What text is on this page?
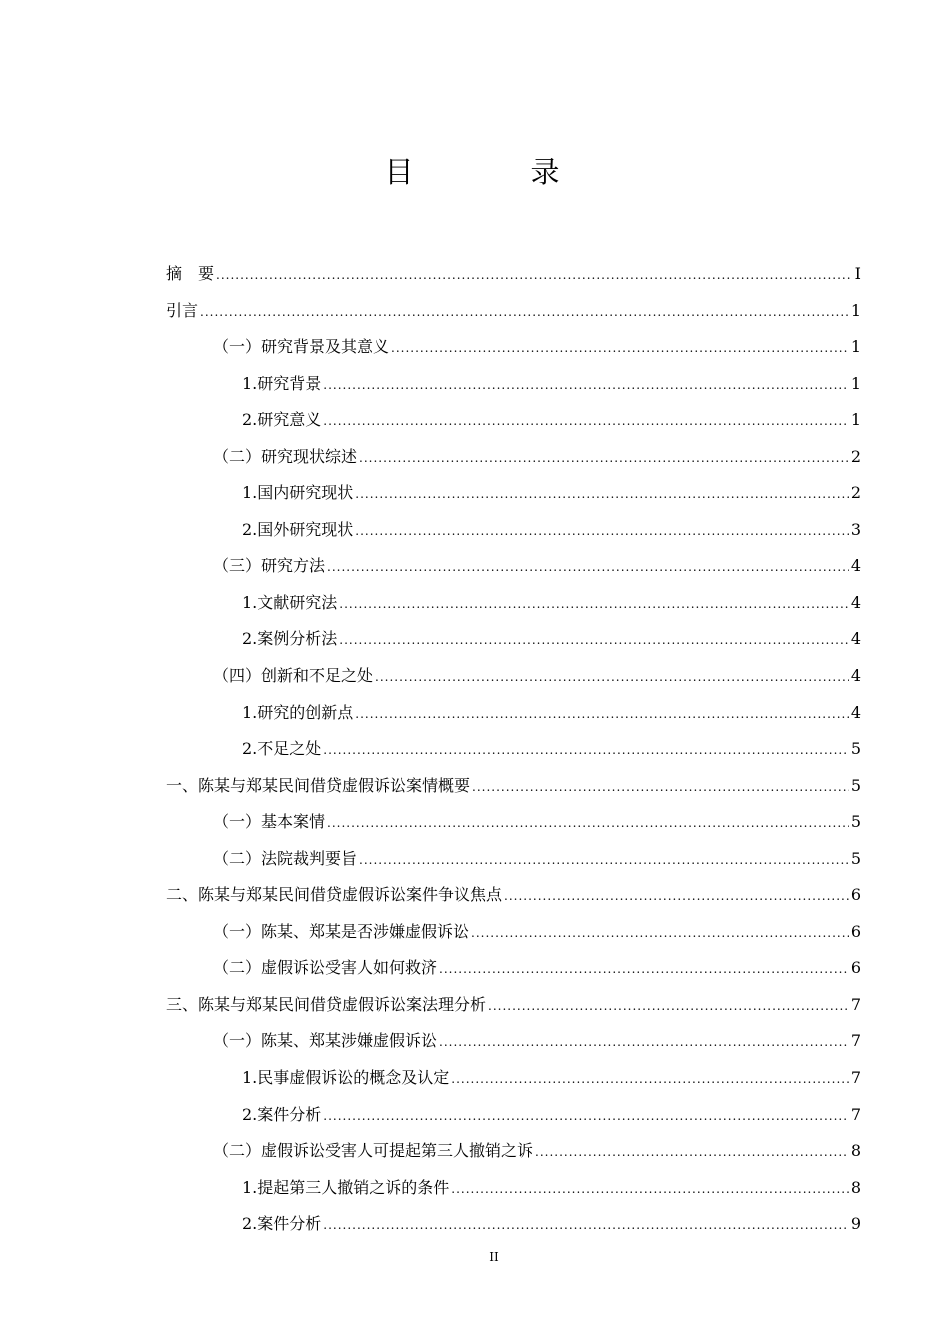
目　录
摘　要 .....	I
引言 .....	1
（一） 研究背景及其意义 .....	1
1. 研究背景 .....	1
2. 研究意义 .....	1
（二） 研究现状综述 .....	2
1. 国内研究现状 .....	2
2. 国外研究现状 .....	3
（三） 研究方法 .....	4
1. 文献研究法 .....	4
2. 案例分析法 .....	4
（四） 创新和不足之处 .....	4
1. 研究的创新点 .....	4
2. 不足之处 .....	5
一、 陈某与郑某民间借贷虚假诉讼案情概要 .....	5
（一） 基本案情 .....	5
（二） 法院裁判要旨 .....	5
二、 陈某与郑某民间借贷虚假诉讼案件争议焦点 .....	6
（一） 陈某、郑某是否涉嫌虚假诉讼 .....	6
（二） 虚假诉讼受害人如何救济 .....	6
三、 陈某与郑某民间借贷虚假诉讼案法理分析 .....	7
（一） 陈某、郑某涉嫌虚假诉讼 .....	7
1. 民事虚假诉讼的概念及认定 .....	7
2. 案件分析 .....	7
（二） 虚假诉讼受害人可提起第三人撤销之诉 .....	8
1. 提起第三人撤销之诉的条件 .....	8
2. 案件分析 .....	9
II
